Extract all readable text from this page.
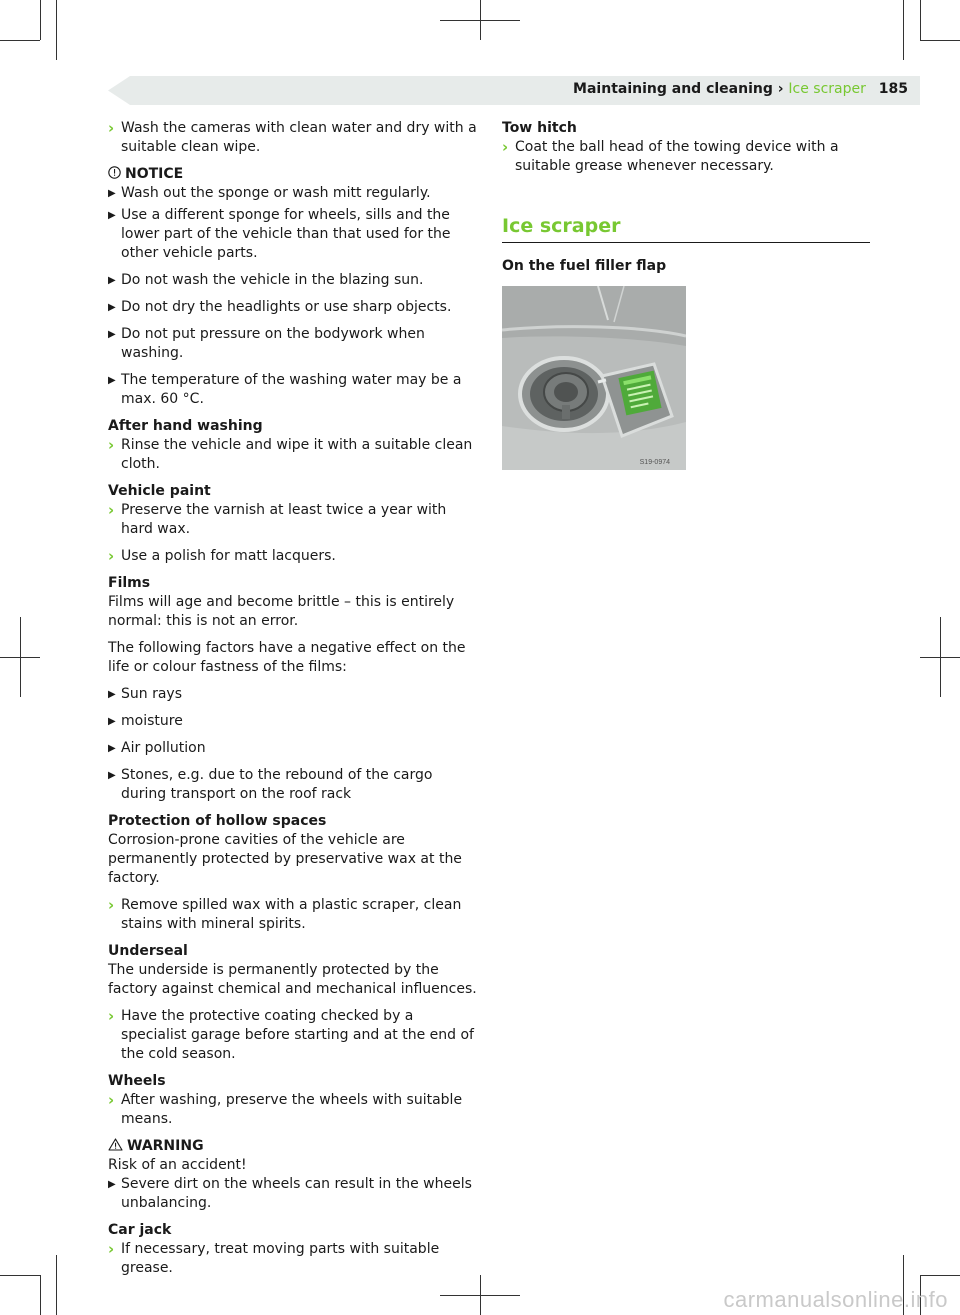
Maintaining and cleaning › Ice scraper 185
› Wash the cameras with clean water and dry with a suitable clean wipe.

NOTICE

▶ Wash out the sponge or wash mitt regularly.
▶ Use a different sponge for wheels, sills and the lower part of the vehicle than that used for the other vehicle parts.
▶ Do not wash the vehicle in the blazing sun.
▶ Do not dry the headlights or use sharp objects.
▶ Do not put pressure on the bodywork when washing.
▶ The temperature of the washing water may be a max. 60 °C.

After hand washing

› Rinse the vehicle and wipe it with a suitable clean cloth.

Vehicle paint

› Preserve the varnish at least twice a year with hard wax.
› Use a polish for matt lacquers.

Films

Films will age and become brittle – this is entirely normal: this is not an error.

The following factors have a negative effect on the life or colour fastness of the films:

▶ Sun rays
▶ moisture
▶ Air pollution
▶ Stones, e.g. due to the rebound of the cargo during transport on the roof rack

Protection of hollow spaces

Corrosion-prone cavities of the vehicle are permanently protected by preservative wax at the factory.

› Remove spilled wax with a plastic scraper, clean stains with mineral spirits.

Underseal

The underside is permanently protected by the factory against chemical and mechanical influences.

› Have the protective coating checked by a specialist garage before starting and at the end of the cold season.

Wheels

› After washing, preserve the wheels with suitable means.

WARNING

Risk of an accident!

▶ Severe dirt on the wheels can result in the wheels unbalancing.

Car jack

› If necessary, treat moving parts with suitable grease.

Tow hitch

› Coat the ball head of the towing device with a suitable grease whenever necessary.
Ice scraper

On the fuel filler flap

S19-0974
carmanualsonline.info
